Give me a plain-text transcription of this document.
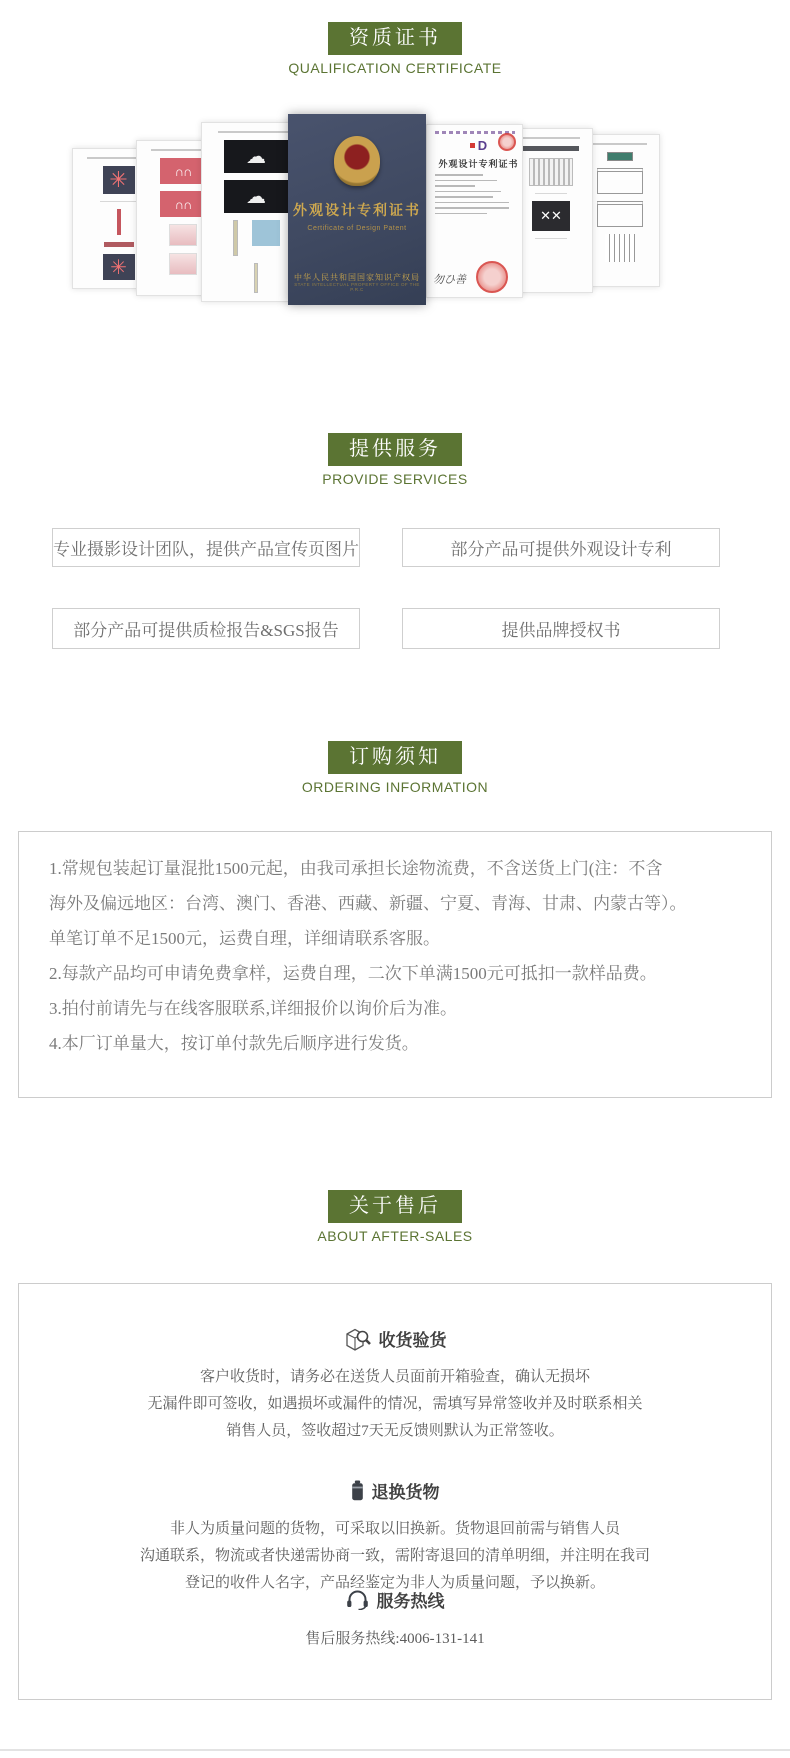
资质证书
QUALIFICATION CERTIFICATE
✳
✳
∩∩
∩∩
☁
☁
外观设计专利证书
Certificate of Design Patent
中华人民共和国国家知识产权局
STATE INTELLECTUAL PROPERTY OFFICE OF THE P.R.C
D
外观设计专利证书
勿ひ善
✕✕
提供服务
PROVIDE SERVICES
专业摄影设计团队，提供产品宣传页图片	部分产品可提供外观设计专利
部分产品可提供质检报告&SGS报告	提供品牌授权书
订购须知
ORDERING INFORMATION

1.常规包装起订量混批1500元起，由我司承担长途物流费，不含送货上门(注：不含

海外及偏远地区：台湾、澳门、香港、西藏、新疆、宁夏、青海、甘肃、内蒙古等）。

单笔订单不足1500元，运费自理，详细请联系客服。

2.每款产品均可申请免费拿样，运费自理，二次下单满1500元可抵扣一款样品费。

3.拍付前请先与在线客服联系,详细报价以询价后为准。

4.本厂订单量大，按订单付款先后顺序进行发货。

关于售后
ABOUT AFTER-SALES
收货验货
客户收货时，请务必在送货人员面前开箱验查，确认无损坏
无漏件即可签收，如遇损坏或漏件的情况，需填写异常签收并及时联系相关
销售人员，签收超过7天无反馈则默认为正常签收。
退换货物
非人为质量问题的货物，可采取以旧换新。货物退回前需与销售人员
沟通联系，物流或者快递需协商一致，需附寄退回的清单明细，并注明在我司
登记的收件人名字，产品经鉴定为非人为质量问题，予以换新。
服务热线
售后服务热线:4006-131-141
